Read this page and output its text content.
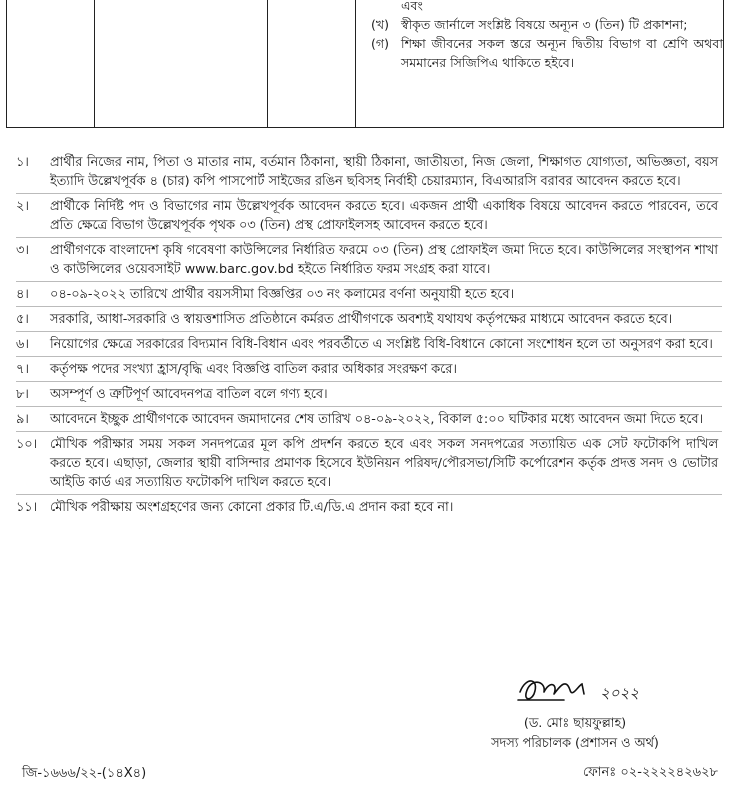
এবং
(খ) স্বীকৃত জার্নালে সংশ্লিষ্ট বিষয়ে অন্যূন ৩ (তিন) টি প্রকাশনা;
(গ) শিক্ষা জীবনের সকল স্তরে অন্যূন দ্বিতীয় বিভাগ বা শ্রেণি অথবা সমমানের সিজিপিএ থাকিতে হইবে।
১।	প্রার্থীর নিজের নাম, পিতা ও মাতার নাম, বর্তমান ঠিকানা, স্থায়ী ঠিকানা, জাতীয়তা, নিজ জেলা, শিক্ষাগত যোগ্যতা, অভিজ্ঞতা, বয়স ইত্যাদি উল্লেখপূর্বক ৪ (চার) কপি পাসপোর্ট সাইজের রঙিন ছবিসহ নির্বাহী চেয়ারম্যান, বিএআরসি বরাবর আবেদন করতে হবে।
২।	প্রার্থীকে নির্দিষ্ট পদ ও বিভাগের নাম উল্লেখপূর্বক আবেদন করতে হবে। একজন প্রার্থী একাধিক বিষয়ে আবেদন করতে পারবেন, তবে প্রতি ক্ষেত্রে বিভাগ উল্লেখপূর্বক পৃথক ০৩ (তিন) প্রস্থ প্রোফাইলসহ আবেদন করতে হবে।
৩।	প্রার্থীগণকে বাংলাদেশ কৃষি গবেষণা কাউন্সিলের নির্ধারিত ফরমে ০৩ (তিন) প্রস্থ প্রোফাইল জমা দিতে হবে। কাউন্সিলের সংস্থাপন শাখা ও কাউন্সিলের ওয়েবসাইট www.barc.gov.bd হইতে নির্ধারিত ফরম সংগ্রহ করা যাবে।
৪।	০৪-০৯-২০২২ তারিখে প্রার্থীর বয়সসীমা বিজ্ঞপ্তির ০৩ নং কলামের বর্ণনা অনুযায়ী হতে হবে।
৫।	সরকারি, আধা-সরকারি ও স্বায়ত্তশাসিত প্রতিষ্ঠানে কর্মরত প্রার্থীগণকে অবশ্যই যথাযথ কর্তৃপক্ষের মাধ্যমে আবেদন করতে হবে।
৬।	নিয়োগের ক্ষেত্রে সরকারের বিদ্যমান বিধি-বিধান এবং পরবর্তীতে এ সংশ্লিষ্ট বিধি-বিধানে কোনো সংশোধন হলে তা অনুসরণ করা হবে।
৭।	কর্তৃপক্ষ পদের সংখ্যা হ্রাস/বৃদ্ধি এবং বিজ্ঞপ্তি বাতিল করার অধিকার সংরক্ষণ করে।
৮।	অসম্পূর্ণ ও ত্রুটিপূর্ণ আবেদনপত্র বাতিল বলে গণ্য হবে।
৯।	আবেদনে ইচ্ছুক প্রার্থীগণকে আবেদন জমাদানের শেষ তারিখ ০৪-০৯-২০২২, বিকাল ৫:০০ ঘটিকার মধ্যে আবেদন জমা দিতে হবে।
১০। মৌখিক পরীক্ষার সময় সকল সনদপত্রের মূল কপি প্রদর্শন করতে হবে এবং সকল সনদপত্রের সত্যায়িত এক সেট ফটোকপি দাখিল করতে হবে। এছাড়া, জেলার স্থায়ী বাসিন্দার প্রমাণক হিসেবে ইউনিয়ন পরিষদ/পৌরসভা/সিটি কর্পোরেশন কর্তৃক প্রদত্ত সনদ ও ভোটার আইডি কার্ড এর সত্যায়িত ফটোকপি দাখিল করতে হবে।
১১।	মৌখিক পরীক্ষায় অংশগ্রহণের জন্য কোনো প্রকার টি.এ/ডি.এ প্রদান করা হবে না।
২০২২
(ড. মোঃ ছায়ফুল্লাহ)
সদস্য পরিচালক (প্রশাসন ও অর্থ)
জি-১৬৬৬/২২-(১৪X৪)	ফোনঃ ০২-২২২২৪২৬২৮
